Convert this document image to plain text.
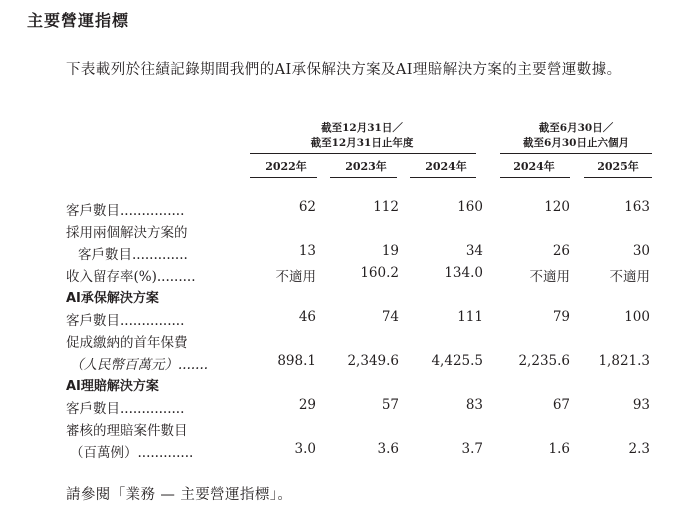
主要營運指標
下表載列於往績記錄期間我們的AI承保解決方案及AI理賠解決方案的主要營運數據。
截至12月31日／
截至12月31日止年度
截至6月30日／
截至6月30日止六個月
2022年	2023年	2024年	2024年	2025年
客戶數目...............	62	112	160	120	163
採用兩個解決方案的
客戶數目.............	13	19	34	26	30
收入留存率(%).........	不適用	160.2	134.0	不適用	不適用
AI承保解決方案
客戶數目...............	46	74	111	79	100
促成繳納的首年保費
（人民幣百萬元）.......	898.1	2,349.6	4,425.5	2,235.6	1,821.3
AI理賠解決方案
客戶數目...............	29	57	83	67	93
審核的理賠案件數目
（百萬例）.............	3.0	3.6	3.7	1.6	2.3
請參閱「業務 — 主要營運指標」。
